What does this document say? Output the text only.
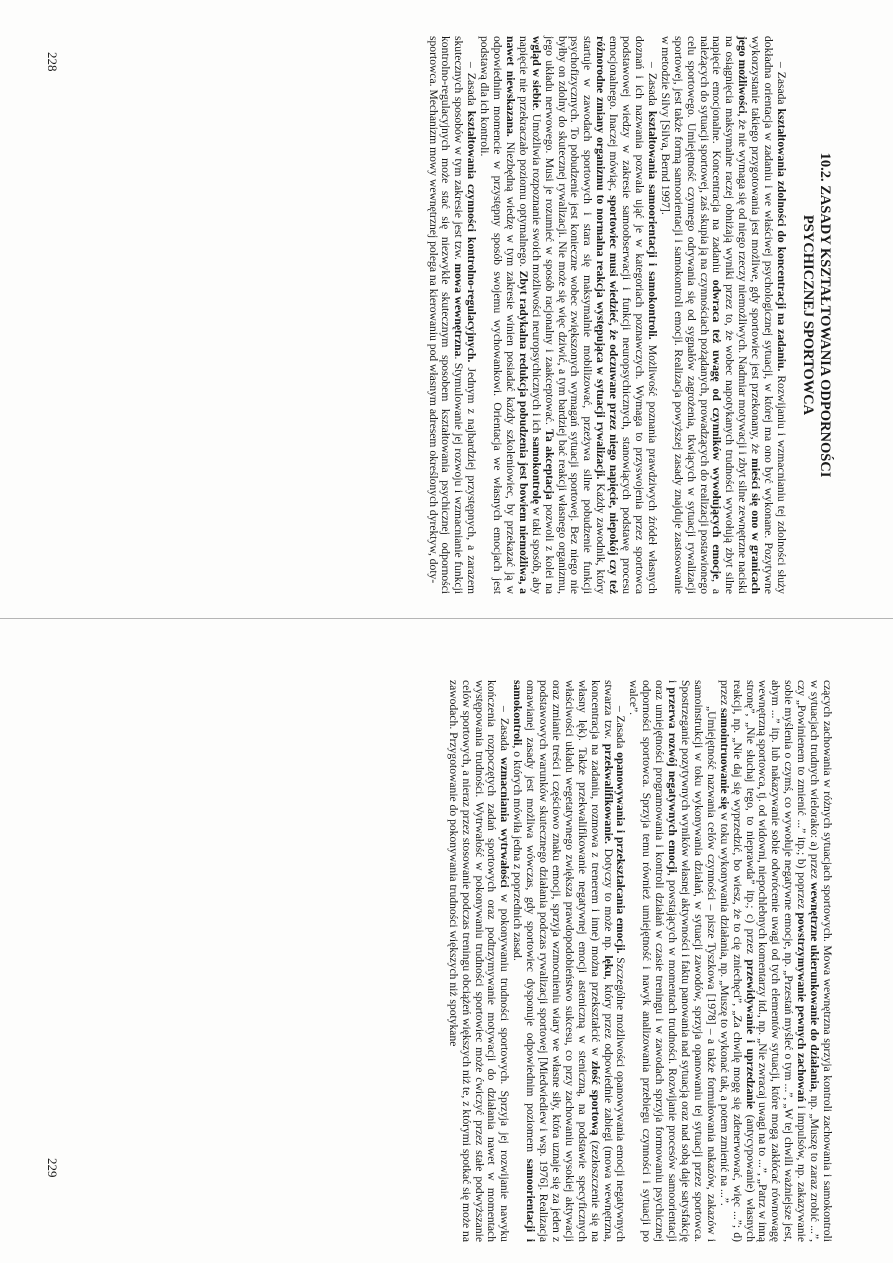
10.2. ZASADY KSZTAŁTOWANIA ODPORNOŚCI
PSYCHICZNEJ SPORTOWCA

– Zasada kształtowania zdolności do koncentracji na zadaniu. Rozwijaniu i wzmacnianiu tej zdolności służy dokładna orientacja w zadaniu i we właściwej psychologicznej sytuacji, w której ma ono być wykonane. Pozytywne wykorzystanie takiego przygotowania jest możliwe, gdy sportowiec jest przekonany, że mieści się ono w granicach jego możliwości, że nie wymaga się od niego rzeczy niemożliwych. Nadmiar motywacji i zbyt silne zewnętrzne naciski na osiągnięcia maksymalne raczej obniżają wyniki przez to, że wobec napotykanych trudności wywołują zbyt silne napięcie emocjonalne. Koncentracja na zadaniu odwraca też uwagę od czynników wywołujących emocje, a należących do sytuacji sportowej, zaś skupia ją na czynnościach pożądanych, prowadzących do realizacji postawionego celu sportowego. Umiejętność czynnego odrywania się od sygnałów zagrożenia, tkwiących w sytuacji rywalizacji sportowej, jest także formą samoorientacji i samokontroli emocji. Realizacja powyższej zasady znajduje zastosowanie w metodzie Silvy [Silva, Bernd 1997].

– Zasada kształtowania samoorientacji i samokontroli. Możliwość poznania prawdziwych źródeł własnych doznań i ich nazwania pozwala ująć je w kategoriach poznawczych. Wymaga to przyswojenia przez sportowca podstawowej wiedzy w zakresie samoobserwacji i funkcji neuropsychicznych, stanowiących podstawę procesu emocjonalnego. Inaczej mówiąc, sportowiec musi wiedzieć, że odczuwane przez niego napięcie, niepokój czy też różnorodne zmiany organizmu to normalna reakcja występująca w sytuacji rywalizacji. Każdy zawodnik, który startuje w zawodach sportowych i stara się maksymalnie mobilizować, przeżywa silne pobudzenie funkcji psychofizycznych. To pobudzenie jest konieczne wobec zwiększonych wymagań sytuacji sportowej. Bez niego nie byłby on zdolny do skutecznej rywalizacji. Nie może się więc dziwić, a tym bardziej bać reakcji własnego organizmu, jego układu nerwowego. Musi je rozumieć w sposób racjonalny i zaakceptować. Ta akceptacja pozwoli z kolei na wgląd w siebie. Umożliwia rozpoznanie swoich możliwości neuropsychicznych i ich samokontrolę w taki sposób, aby napięcie nie przekraczało poziomu optymalnego. Zbyt radykalna redukcja pobudzenia jest bowiem niemożliwa, a nawet niewskazana. Niezbędną wiedzę w tym zakresie winien posiadać każdy szkoleniowiec, by przekazać ją w odpowiednim momencie w przystępny sposób swojemu wychowankowi. Orientacja we własnych emocjach jest podstawą dla ich kontroli.

– Zasada kształtowania czynności kontrolno-regulacyjnych. Jednym z najbardziej przystępnych, a zarazem skutecznych sposobów w tym zakresie jest tzw. mowa wewnętrzna. Stymulowanie jej rozwoju i wzmacnianie funkcji kontrolno-regulacyjnych może stać się niezwykle skutecznym sposobem kształtowania psychicznej odporności sportowca. Mechanizm mowy wewnętrznej polega na kierowaniu pod własnym adresem określonych dyrektyw, doty-

228

czących zachowania w różnych sytuacjach sportowych. Mowa wewnętrzna sprzyja kontroli zachowania i samokontroli w sytuacjach trudnych wielorako: a) przez wewnętrzne ukierunkowanie do działania, np. „Muszę to zaraz zrobić ...”, czy „Powinienem to zmienić ...” itp.; b) poprzez powstrzymywanie pewnych zachowań i impulsów, np. zakazywanie sobie myślenia o czymś, co wywołuje negatywne emocje, np. „Przestań myśleć o tym ...”, „W tej chwili ważniejsze jest, abym ...” itp. lub nakazywanie sobie odwrócenie uwagi od tych elementów sytuacji, które mogą zakłócać równowagę wewnętrzną sportowca, tj. od widowni, niepochlebnych komentarzy itd., np. „Nie zwracaj uwagi na to ...”, „Patrz w inną stronę”, „Nie słuchaj tego, to nieprawda” itp.; c) przez przewidywanie i uprzedzanie (antycypowanie) własnych reakcji, np. „Nie daj się wyprzedzić, bo wiesz, że to cię zniechęci”, „Za chwilę mogę się zdenerwować, więc ...”; d) przez samointruowanie się w toku wykonywania działania, np. „Muszę to wykonać tak, a potem zmienić na ...”.

„Umiejętność nazwania celów czynności – pisze Tyszkowa [1978] – a także formułowania nakazów, zakazów i samoinstrukcji w toku wykonywania działań, w sytuacji zawodów, sprzyja opanowaniu tej sytuacji przez sportowca. Spostrzeganie pozytywnych wyników własnej aktywności i faktu panowania nad sytuacją oraz nad sobą daje satysfakcję i przerwa rozwój negatywnych emocji, powstających w momentach trudności. Rozwijanie procesów samoorientacji oraz umiejętności programowania i kontroli działań w czasie treningu i w zawodach sprzyja formowaniu psychicznej odporności sportowca. Sprzyja temu również umiejętność i nawyk analizowania przebiegu czynności i sytuacji po walce”.

– Zasada opanowywania i przekształcania emocji. Szczególne możliwości opanowywania emocji negatywnych stwarza tzw. przekwalifikowanie. Dotyczy to może np. lęku, który przez odpowiednie zabiegi (mowa wewnętrzna, koncentracja na zadaniu, rozmowa z trenerem i inne) można przekształcić w złość sportową (zezłoszczenie się na własny lęk). Także przekwalifikowanie negatywnej emocji asteniczną w steniczną, na podstawie specyficznych właściwości układu wegetatywnego zwiększa prawdopodobieństwo sukcesu, co przy zachowaniu wysokiej aktywacji oraz zmianie treści i częściowo znaku emocji, sprzyja wzmocnieniu wiary we własne siły, która uznaje się za jeden z podstawowych warunków skutecznego działania podczas rywalizacji sportowej [Miedwiediew i wsp. 1976]. Realizacja omawianej zasady jest możliwa wówczas, gdy sportowiec dysponuje odpowiednim poziomem samoorientacji i samokontroli, o których mówiła jedna z poprzednich zasad.

– Zasada wzmacniania wytrwałości w pokonywaniu trudności sportowych. Sprzyja jej rozwijanie nawyku kończenia rozpoczętych zadań sportowych oraz podtrzymywanie motywacji do działania nawet w momentach występowania trudności. Wytrwałość w pokonywaniu trudności sportowiec może ćwiczyć przez stałe podwyższanie celów sportowych, a nieraz przez stosowanie podczas treningu obciążeń większych niż te, z którymi spotkać się może na zawodach. Przygotowanie do pokonywania trudności większych niż spotykane

229
